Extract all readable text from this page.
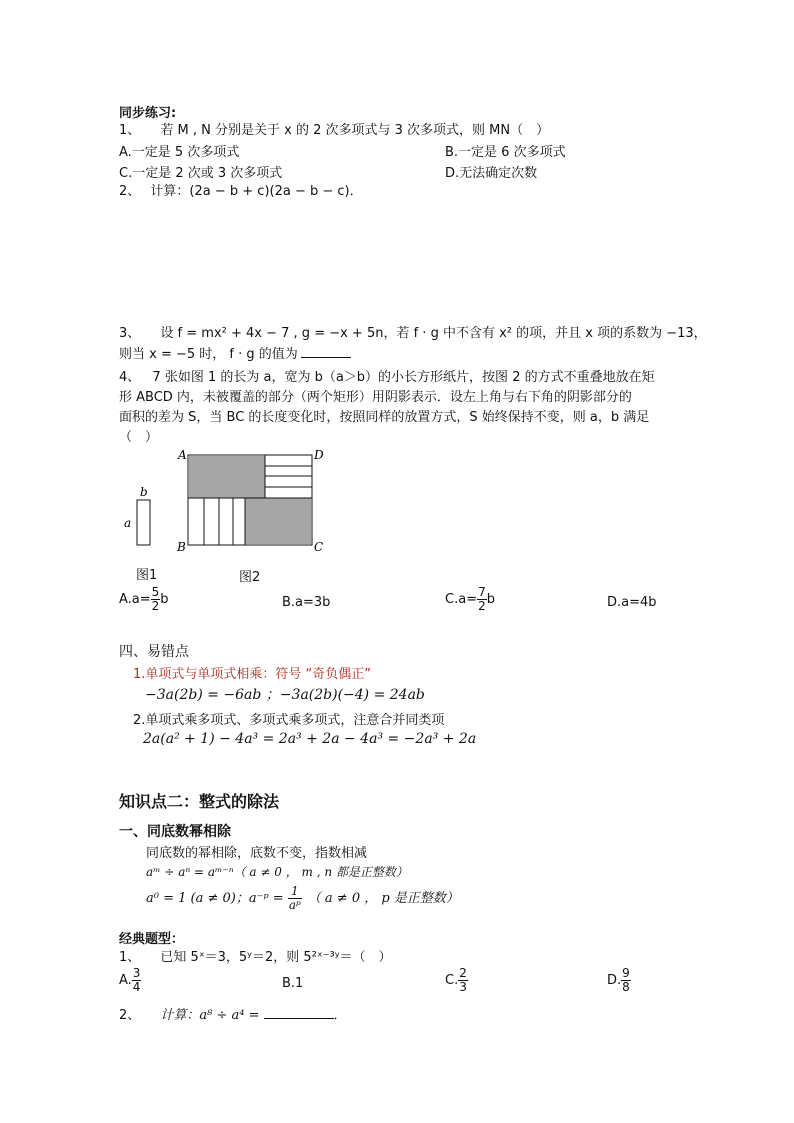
同步练习:
1、 若 M , N 分别是关于 x 的 2 次多项式与 3 次多项式，则 MN（　）
A.一定是 5 次多项式	B.一定是 6 次多项式
C.一定是 2 次或 3 次多项式	D.无法确定次数
2、 计算：(2a − b + c)(2a − b − c)．
3、 设 f = mx² + 4x − 7 , g = −x + 5n，若 f · g 中不含有 x² 的项，并且 x 项的系数为 −13，
则当 x = −5 时， f · g 的值为
4、 7 张如图 1 的长为 a，宽为 b（a＞b）的小长方形纸片，按图 2 的方式不重叠地放在矩
形 ABCD 内，未被覆盖的部分（两个矩形）用阴影表示．设左上角与右下角的阴影部分的
面积的差为 S，当 BC 的长度变化时，按照同样的放置方式，S 始终保持不变，则 a，b 满足
（　）
b
a
A	D
B	C
图1	图2
$A.a= \frac{5}{2}$ b	B.a=3b	$C.a= \frac{7}{2}$ b	D.a=4b
四、易错点
1.单项式与单项式相乘：符号 “奇负偶正”
−3a(2b) = −6ab ；−3a(2b)(−4) = 24ab
2.单项式乘多项式、多项式乘多项式，注意合并同类项
2a(a² + 1) − 4a³ = 2a³ + 2a − 4a³ = −2a³ + 2a
知识点二：整式的除法
一、同底数幂相除
同底数的幂相除，底数不变，指数相减
aᵐ ÷ aⁿ = aᵐ⁻ⁿ（ a ≠ 0 ， m , n 都是正整数）
a⁰ = 1 (a ≠ 0)；a⁻ᵖ = $\frac{1}{\text{aᵖ}}$ （ a ≠ 0 ， p 是正整数）
经典题型：
1、 已知 5ˣ＝3，5ʸ＝2，则 5²ˣ⁻³ʸ＝（　）
A. $\frac{3}{4}$	B.1	C. $\frac{2}{3}$	D. $\frac{9}{8}$
2、 计算：a⁸ ÷ a⁴ =	．
